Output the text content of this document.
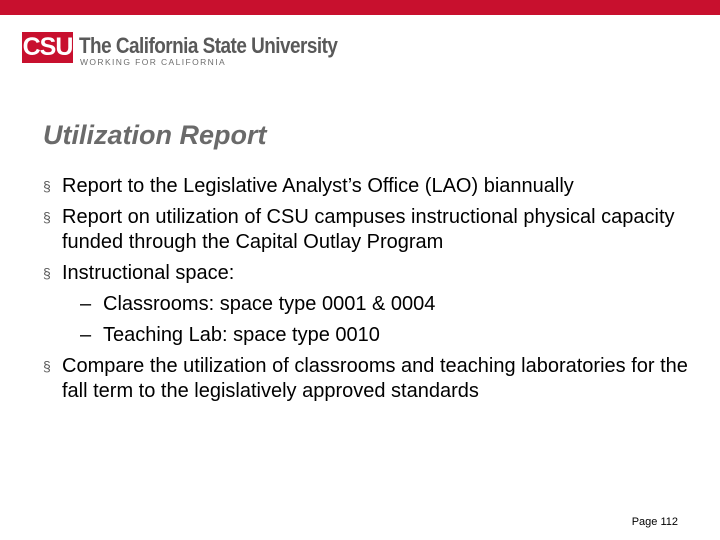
CSU The California State University
WORKING FOR CALIFORNIA
Utilization Report
§ Report to the Legislative Analyst’s Office (LAO) biannually
§ Report on utilization of CSU campuses instructional physical capacity funded through the Capital Outlay Program
§ Instructional space:
– Classrooms: space type 0001 & 0004
– Teaching Lab: space type 0010
§ Compare the utilization of classrooms and teaching laboratories for the fall term to the legislatively approved standards
Page 112
